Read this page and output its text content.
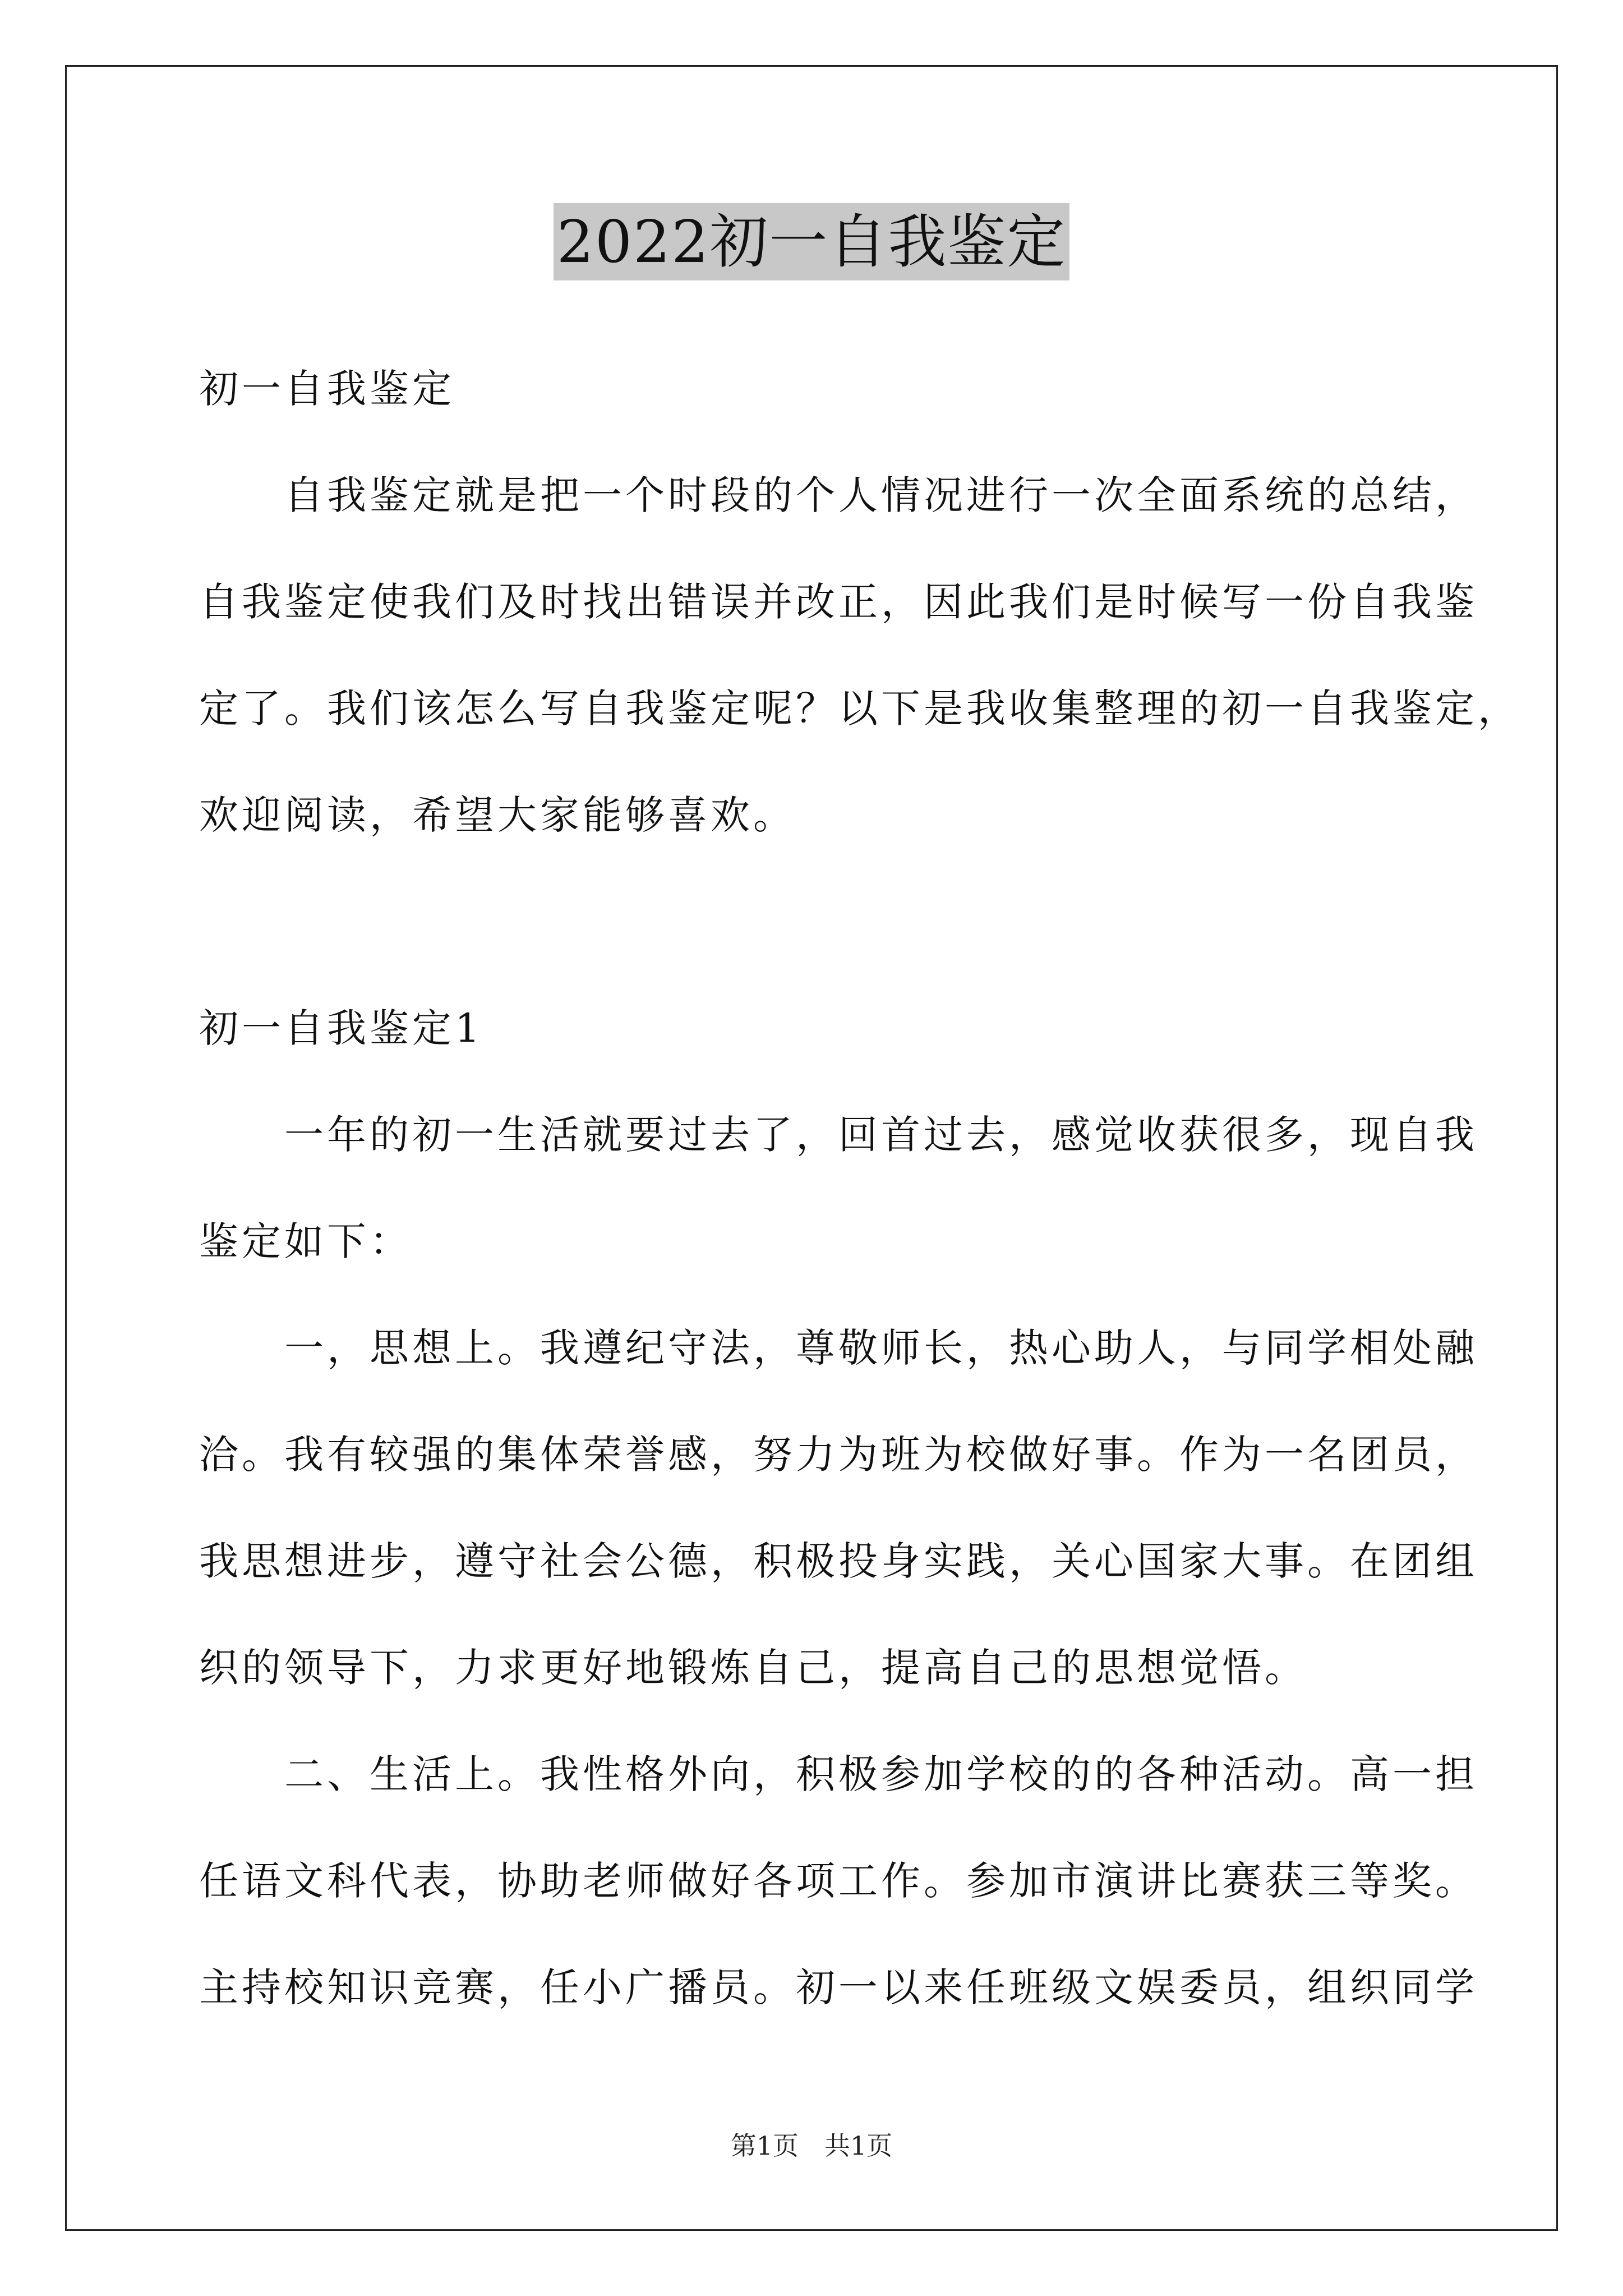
2022初一自我鉴定
初一自我鉴定
　　自我鉴定就是把一个时段的个人情况进行一次全面系统的总结，
自我鉴定使我们及时找出错误并改正，因此我们是时候写一份自我鉴
定了。我们该怎么写自我鉴定呢？以下是我收集整理的初一自我鉴定，
欢迎阅读，希望大家能够喜欢。
初一自我鉴定1
　　一年的初一生活就要过去了，回首过去，感觉收获很多，现自我
鉴定如下：
　　一，思想上。我遵纪守法，尊敬师长，热心助人，与同学相处融
洽。我有较强的集体荣誉感，努力为班为校做好事。作为一名团员，
我思想进步，遵守社会公德，积极投身实践，关心国家大事。在团组
织的领导下，力求更好地锻炼自己，提高自己的思想觉悟。
　　二、生活上。我性格外向，积极参加学校的的各种活动。高一担
任语文科代表，协助老师做好各项工作。参加市演讲比赛获三等奖。
主持校知识竞赛，任小广播员。初一以来任班级文娱委员，组织同学
第1页　共1页
